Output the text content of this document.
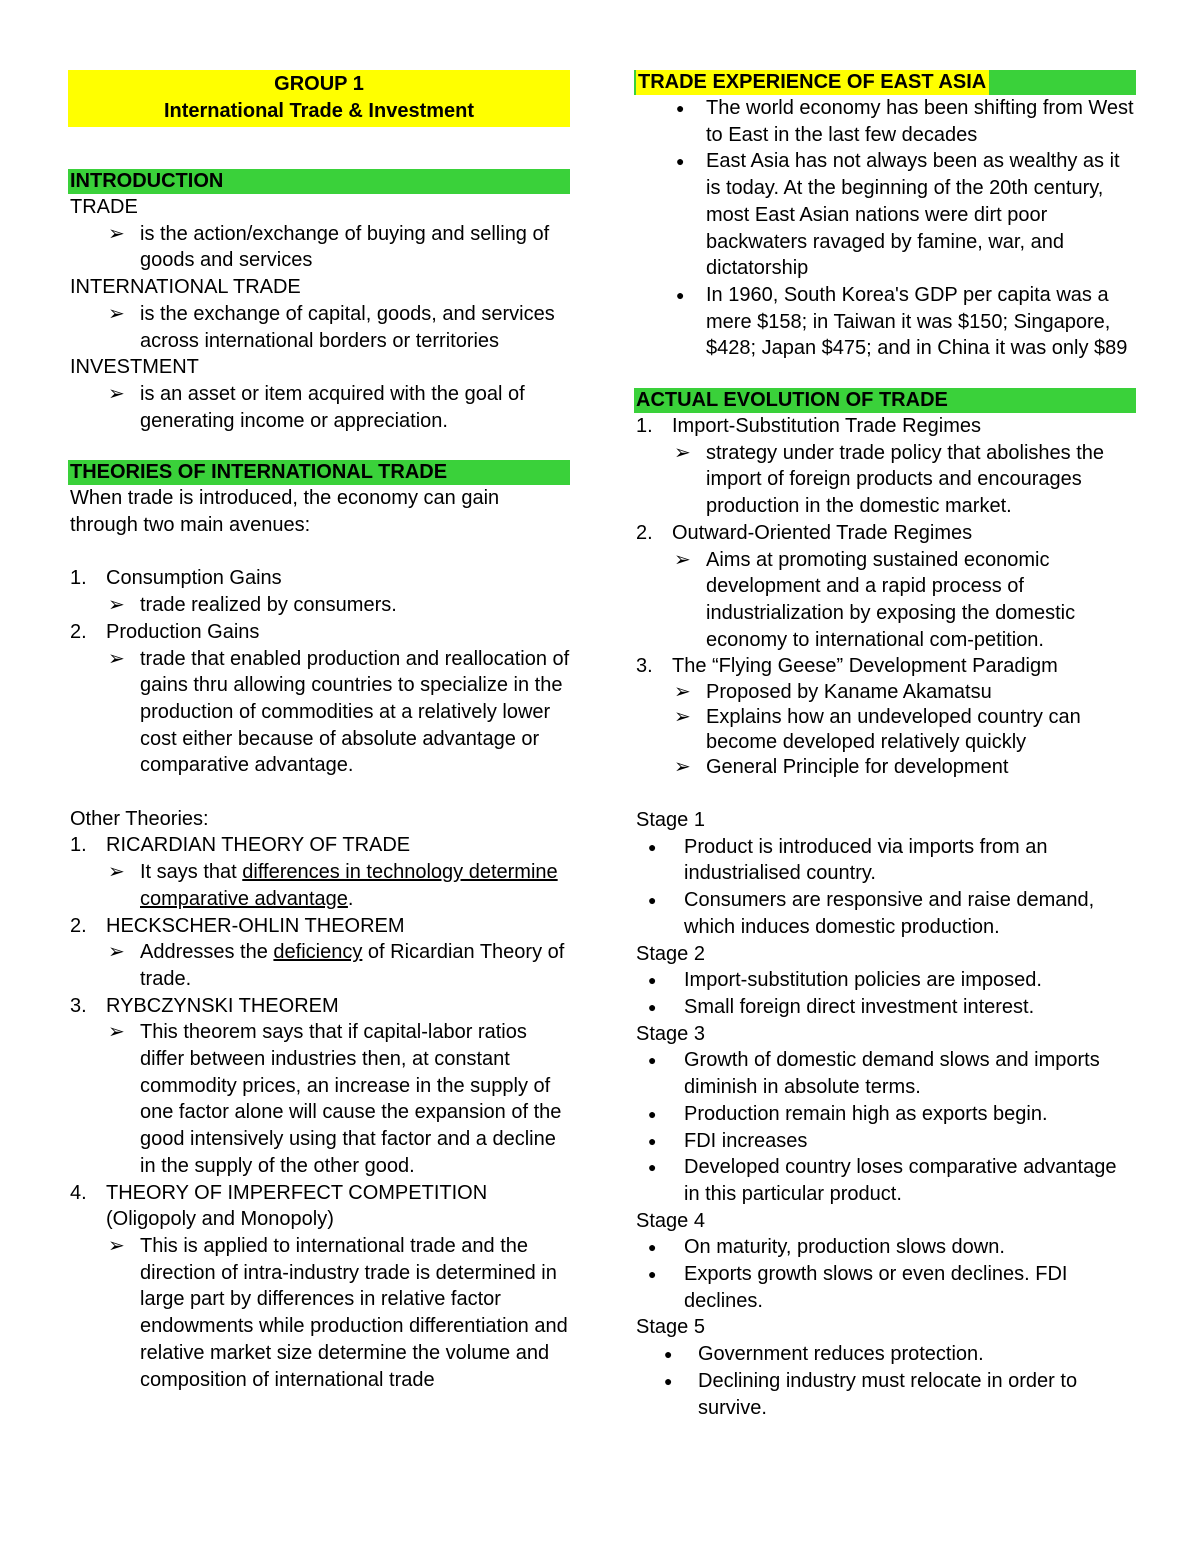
GROUP 1
International Trade & Investment
INTRODUCTION
TRADE
➢ is the action/exchange of buying and selling of goods and services
INTERNATIONAL TRADE
➢ is the exchange of capital, goods, and services across international borders or territories
INVESTMENT
➢ is an asset or item acquired with the goal of generating income or appreciation.
THEORIES OF INTERNATIONAL TRADE
When trade is introduced, the economy can gain through two main avenues:
1. Consumption Gains
➢ trade realized by consumers.
2. Production Gains
➢ trade that enabled production and reallocation of gains thru allowing countries to specialize in the production of commodities at a relatively lower cost either because of absolute advantage or comparative advantage.
Other Theories:
1. RICARDIAN THEORY OF TRADE
➢ It says that differences in technology determine comparative advantage.
2. HECKSCHER-OHLIN THEOREM
➢ Addresses the deficiency of Ricardian Theory of trade.
3. RYBCZYNSKI THEOREM
➢ This theorem says that if capital-labor ratios differ between industries then, at constant commodity prices, an increase in the supply of one factor alone will cause the expansion of the good intensively using that factor and a decline in the supply of the other good.
4. THEORY OF IMPERFECT COMPETITION
(Oligopoly and Monopoly)
➢ This is applied to international trade and the direction of intra-industry trade is determined in large part by differences in relative factor endowments while production differentiation and relative market size determine the volume and composition of international trade
TRADE EXPERIENCE OF EAST ASIA
● The world economy has been shifting from West to East in the last few decades
● East Asia has not always been as wealthy as it is today. At the beginning of the 20th century, most East Asian nations were dirt poor backwaters ravaged by famine, war, and dictatorship
● In 1960, South Korea's GDP per capita was a mere $158; in Taiwan it was $150; Singapore, $428; Japan $475; and in China it was only $89
ACTUAL EVOLUTION OF TRADE
1. Import-Substitution Trade Regimes
➢ strategy under trade policy that abolishes the import of foreign products and encourages production in the domestic market.
2. Outward-Oriented Trade Regimes
➢ Aims at promoting sustained economic development and a rapid process of industrialization by exposing the domestic economy to international com-petition.
3. The “Flying Geese” Development Paradigm
➢ Proposed by Kaname Akamatsu
➢ Explains how an undeveloped country can become developed relatively quickly
➢ General Principle for development
Stage 1
● Product is introduced via imports from an industrialised country.
● Consumers are responsive and raise demand, which induces domestic production.
Stage 2
● Import-substitution policies are imposed.
● Small foreign direct investment interest.
Stage 3
● Growth of domestic demand slows and imports diminish in absolute terms.
● Production remain high as exports begin.
● FDI increases
● Developed country loses comparative advantage in this particular product.
Stage 4
● On maturity, production slows down.
● Exports growth slows or even declines. FDI declines.
Stage 5
● Government reduces protection.
● Declining industry must relocate in order to survive.
